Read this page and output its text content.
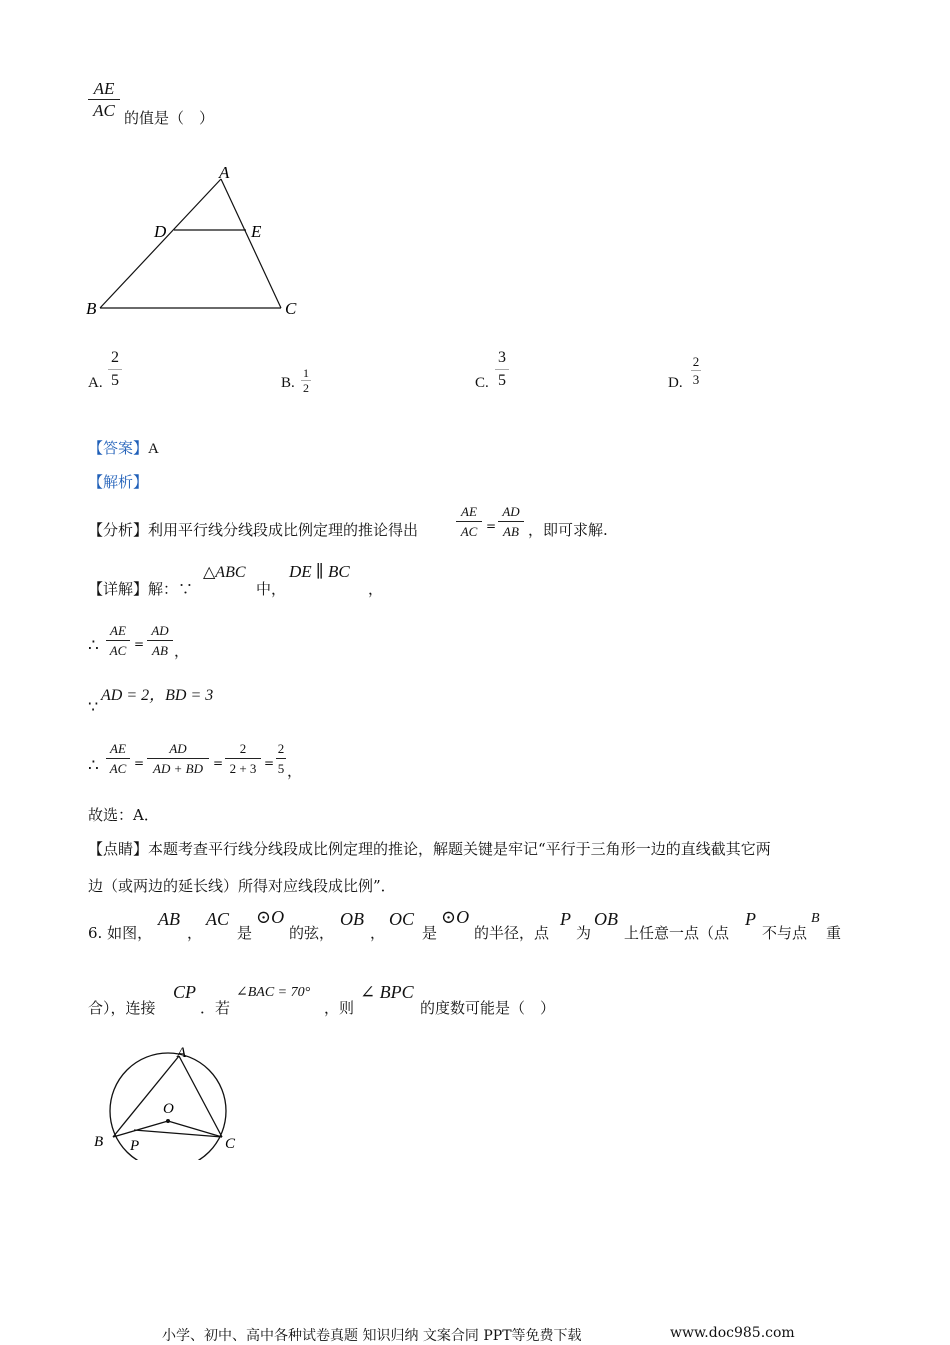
AE
AC 的值是（　）
A
D	E
B	C
A.
2
5	B.
1
2	C.
3
5	D.
2
3
【答案】A
【解析】
【分析】利用平行线分线段成比例定理的推论得出
AE
AC =
AD
AB ，即可求解.
【详解】解：∵
△ABC
中，
DE ∥ BC
，
∴
AE
AC =
AD
AB ，
∵
AD = 2，BD = 3
∴
AE
AC =
AD
AD + BD =
2
2 + 3 =
2
5 ，
故选：A．
【点睛】本题考查平行线分线段成比例定理的推论，解题关键是牢记“平行于三角形一边的直线截其它两
边（或两边的延长线）所得对应线段成比例”．
6. 如图，
AB
，
AC
是
⊙O
的弦，
OB
，
OC
是
⊙O
的半径，点
P
为
OB
上任意一点（点
P
不与点
B
重
合），连接
CP
．若
∠BAC = 70°
，则
∠ BPC
的度数可能是（　）
A
O
B P	C
小学、初中、高中各种试卷真题 知识归纳 文案合同 PPT等免费下载	www.doc985.com
